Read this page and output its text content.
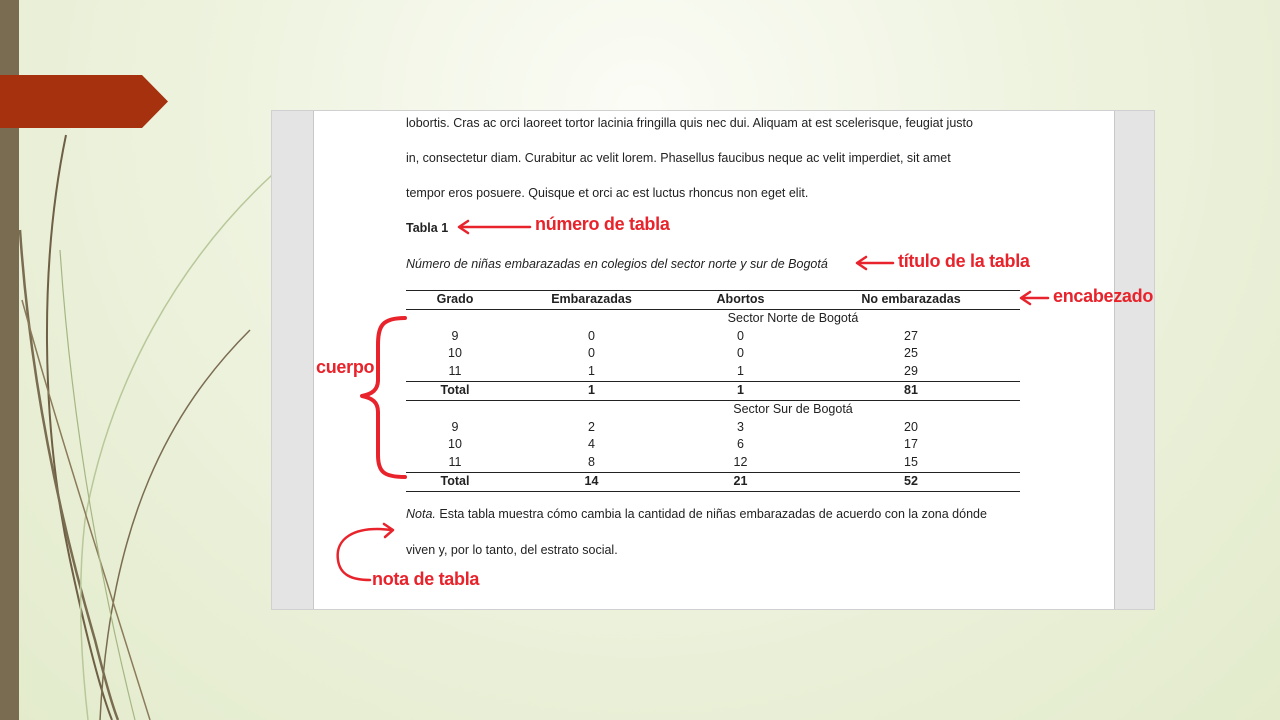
lobortis. Cras ac orci laoreet tortor lacinia fringilla quis nec dui. Aliquam at est scelerisque, feugiat justo
in, consectetur diam. Curabitur ac velit lorem. Phasellus faucibus neque ac velit imperdiet, sit amet
tempor eros posuere. Quisque et orci ac est luctus rhoncus non eget elit.
Tabla 1
Número de niñas embarazadas en colegios del sector norte y sur de Bogotá
Grado	Embarazadas	Abortos	No embarazadas
Sector Norte de Bogotá			
9	0	0	27
10	0	0	25
11	1	1	29
Total	1	1	81
Sector Sur de Bogotá			
9	2	3	20
10	4	6	17
11	8	12	15
Total	14	21	52
Nota. Esta tabla muestra cómo cambia la cantidad de niñas embarazadas de acuerdo con la zona dónde
viven y, por lo tanto, del estrato social.
número de tabla
título de la tabla
encabezado
cuerpo
nota de tabla
